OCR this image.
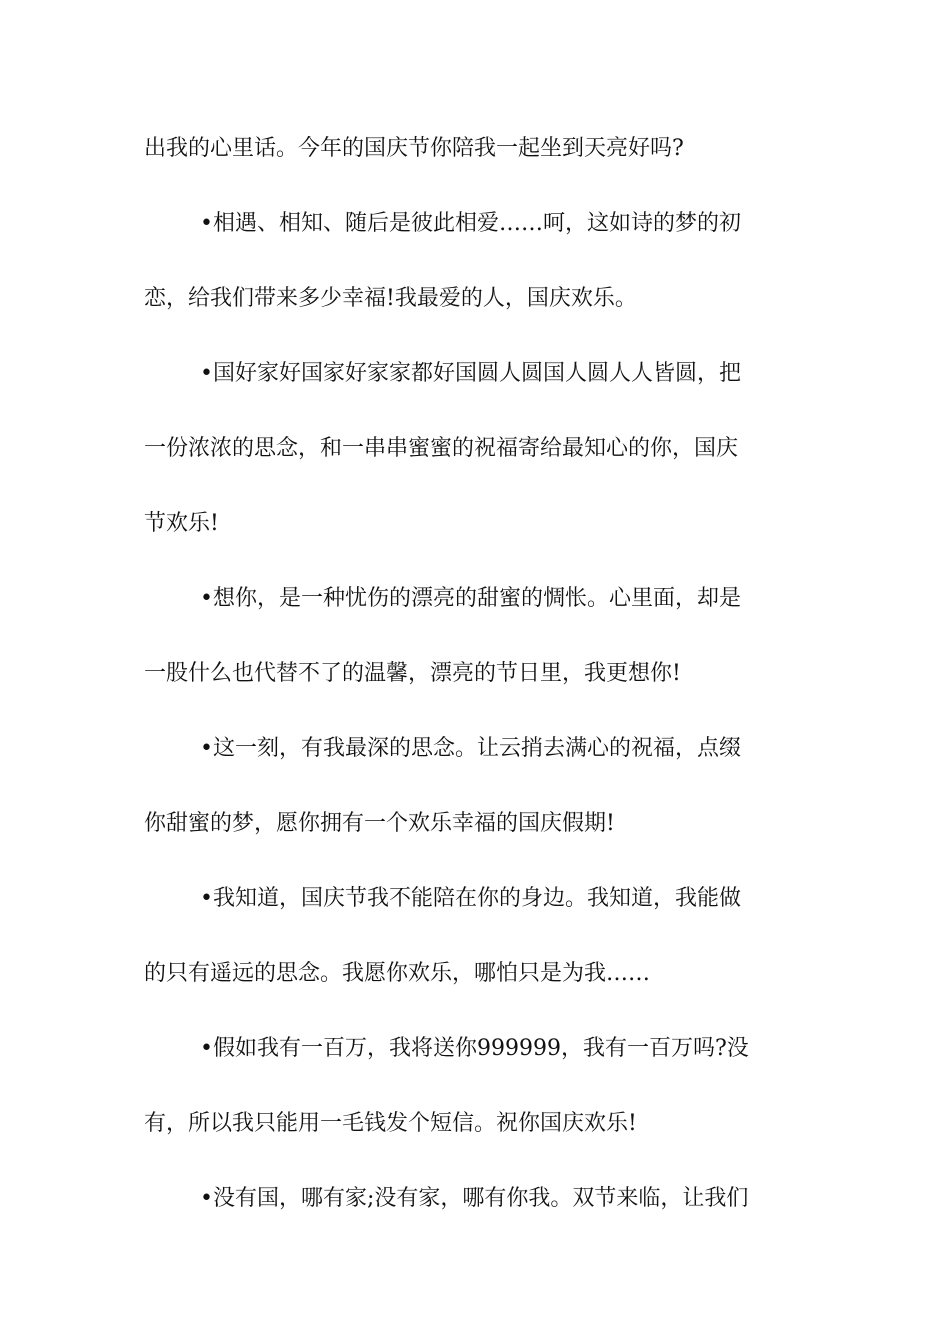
出我的心里话。今年的国庆节你陪我一起坐到天亮好吗?
•相遇、相知、随后是彼此相爱……呵，这如诗的梦的初
恋，给我们带来多少幸福!我最爱的人，国庆欢乐。
•国好家好国家好家家都好国圆人圆国人圆人人皆圆，把
一份浓浓的思念，和一串串蜜蜜的祝福寄给最知心的你，国庆
节欢乐!
•想你，是一种忧伤的漂亮的甜蜜的惆怅。心里面，却是
一股什么也代替不了的温馨，漂亮的节日里，我更想你!
•这一刻，有我最深的思念。让云捎去满心的祝福，点缀
你甜蜜的梦，愿你拥有一个欢乐幸福的国庆假期!
•我知道，国庆节我不能陪在你的身边。我知道，我能做
的只有遥远的思念。我愿你欢乐，哪怕只是为我……
•假如我有一百万，我将送你999999，我有一百万吗?没
有，所以我只能用一毛钱发个短信。祝你国庆欢乐!
•没有国，哪有家;没有家，哪有你我。双节来临，让我们
